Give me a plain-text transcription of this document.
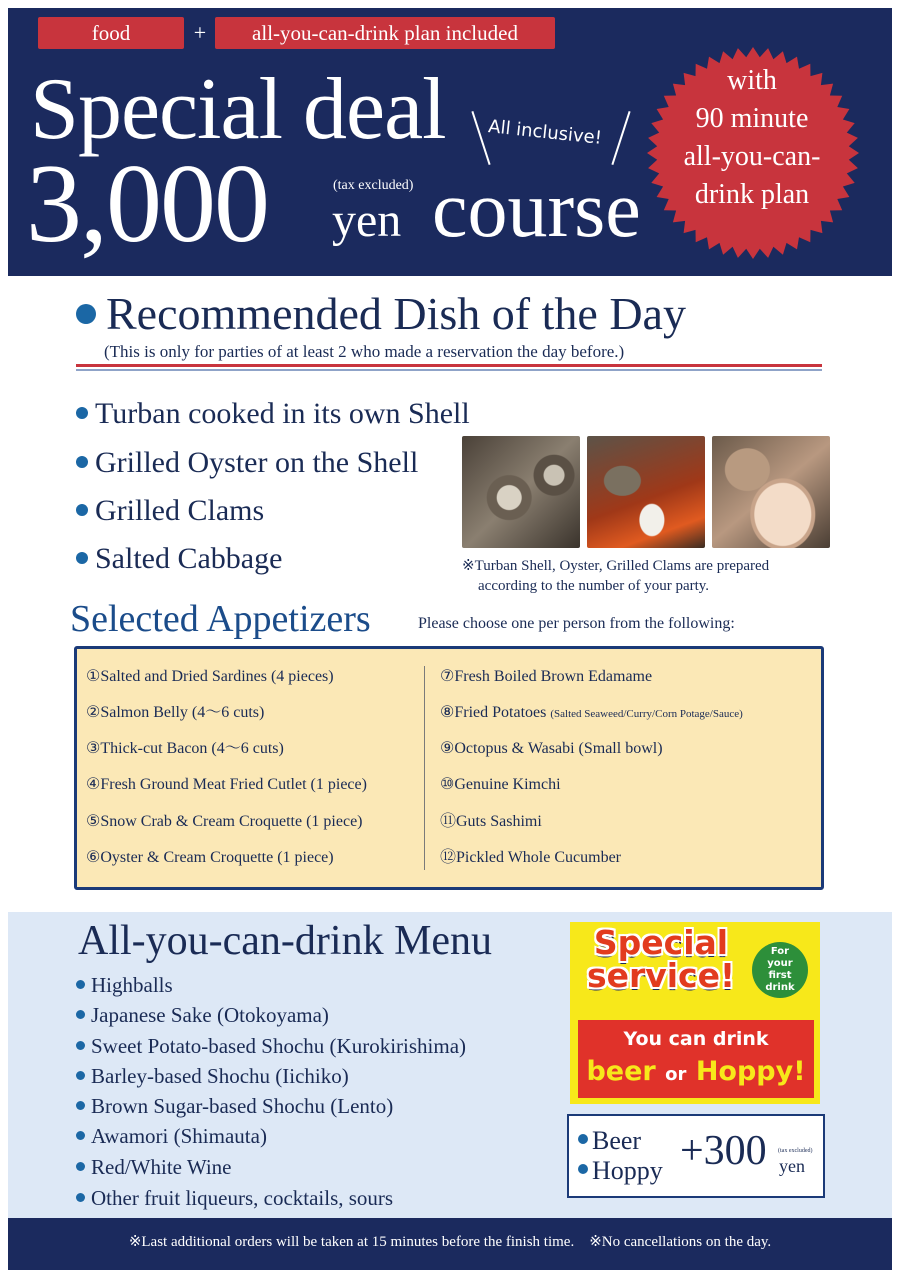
food	+	all-you-can-drink plan included
Special deal All inclusive!
3,000	(tax excluded)
yen course
with
90 minute
all-you-can-
drink plan
Recommended Dish of the Day
(This is only for parties of at least 2 who made a reservation the day before.)
Turban cooked in its own Shell
Grilled Oyster on the Shell
Grilled Clams
Salted Cabbage	※Turban Shell, Oyster, Grilled Clams are prepared
according to the number of your party.
Selected Appetizers	Please choose one per person from the following:
①Salted and Dried Sardines (4 pieces)
②Salmon Belly (4〜6 cuts)
③Thick-cut Bacon (4〜6 cuts)
④Fresh Ground Meat Fried Cutlet (1 piece)
⑤Snow Crab & Cream Croquette (1 piece)
⑥Oyster & Cream Croquette (1 piece)
⑦Fresh Boiled Brown Edamame
⑧Fried Potatoes (Salted Seaweed/Curry/Corn Potage/Sauce)
⑨Octopus & Wasabi (Small bowl)
⑩Genuine Kimchi
⑪Guts Sashimi
⑫Pickled Whole Cucumber
All-you-can-drink Menu
Highballs
Japanese Sake (Otokoyama)
Sweet Potato-based Shochu (Kurokirishima)
Barley-based Shochu (Iichiko)
Brown Sugar-based Shochu (Lento)
Awamori (Shimauta)
Red/White Wine
Other fruit liqueurs, cocktails, sours
Special
service!
For
your
first
drink
You can drink
beer or Hoppy!
Beer
Hoppy +300 (tax excluded)
yen
※Last additional orders will be taken at 15 minutes before the finish time.　※No cancellations on the day.
